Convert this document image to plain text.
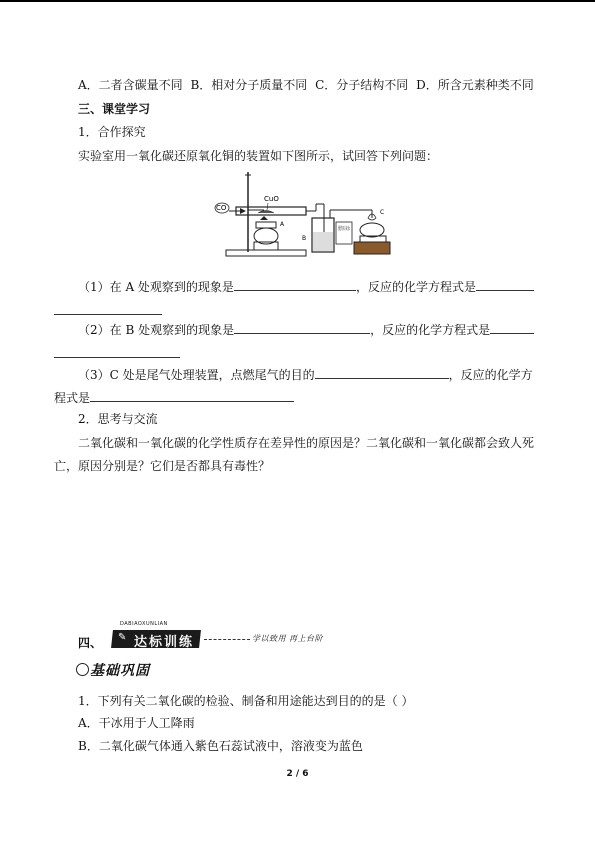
A．二者含碳量不同 B．相对分子质量不同 C．分子结构不同 D．所含元素种类不同
三、课堂学习
1．合作探究
实验室用一氧化碳还原氧化铜的装置如下图所示，试回答下列问题：
CO
CuO
A
B
澄清石灰水
C
（1）在 A 处观察到的现象是	，反应的化学方程式是
（2）在 B 处观察到的现象是	，反应的化学方程式是
（3）C 处是尾气处理装置，点燃尾气的目的	，反应的化学方
程式是
2．思考与交流
二氧化碳和一氧化碳的化学性质存在差异性的原因是？二氧化碳和一氧化碳都会致人死
亡，原因分别是？它们是否都具有毒性？
四、
DABIAOXUNLIAN
✎ 达标训练	学以致用 再上台阶
基础巩固
1．下列有关二氧化碳的检验、制备和用途能达到目的的是（ ）
A．干冰用于人工降雨
B．二氧化碳气体通入紫色石蕊试液中，溶液变为蓝色
2 / 6
